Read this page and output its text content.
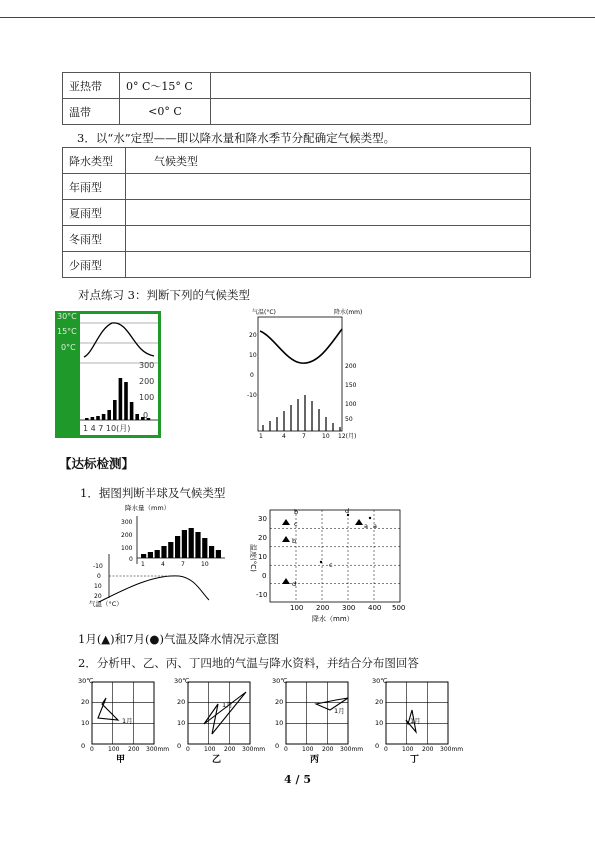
亚热带	0° C～15° C	
温带	<0° C	
3．以“水”定型——即以降水量和降水季节分配确定气候类型。
降水类型	气候类型
年雨型	
夏雨型	
冬雨型	
少雨型	
对点练习 3：判断下列的气候类型
30°C
15°C
0°C
300
200
100
0
1 4 7 10(月)
气温(°C)	降水(mm)
20
10
0
-10
200
150
100
50
1	4	7	10 12(月)
【达标检测】
1．据图判断半球及气候类型
降水量（mm）
300
200
100
0
1	4	7	10
-10
0
10
20
气温（°C）
30
20
10
0
-10
温度(°C)
100 200 300 400 500
降水（mm）
c
b
b
d
c
d
a a
1月(▲)和7月(●)气温及降水情况示意图
2．分析甲、乙、丙、丁四地的气温与降水资料，并结合分布图回答
30℃
20
10
0 0 100 200 300mm
1月
甲
30℃
20
10
0 0 100 200 300mm
1月
乙
30℃
20
10
0 0 100 200 300mm
1月
丙
30℃
20
10
0 0 100 200 300mm
1月
丁
4 / 5
